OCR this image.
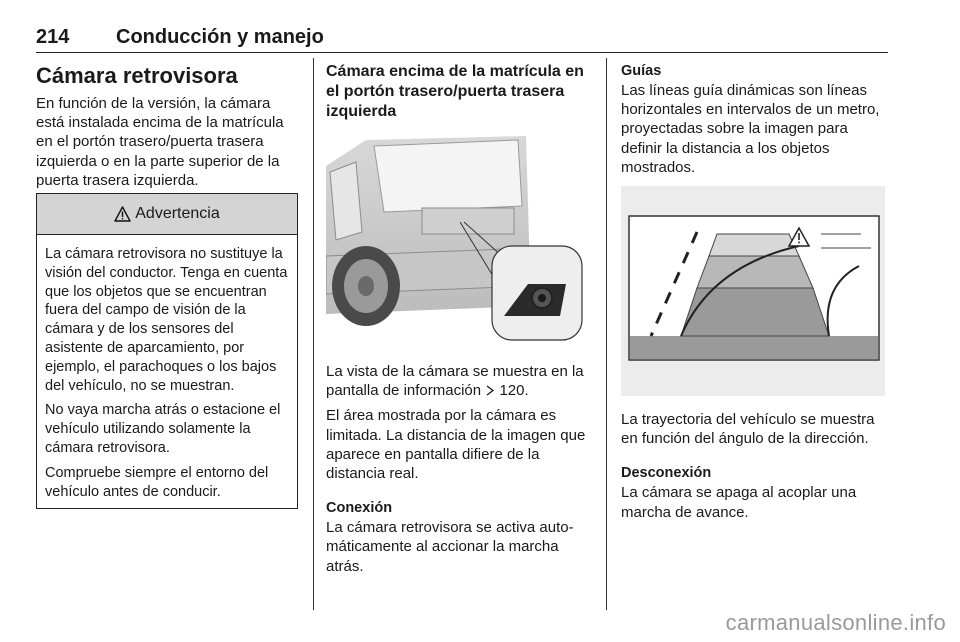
214 Conducción y manejo
Cámara retrovisora

En función de la versión, la cámara está instalada encima de la matrícula en el portón trasero/puerta trasera izquierda o en la parte superior de la puerta trasera izquierda.

Advertencia

La cámara retrovisora no sustituye la visión del conductor. Tenga en cuenta que los objetos que se encuentran fuera del campo de visión de la cámara y de los sensores del asistente de aparcamiento, por ejemplo, el parachoques o los bajos del vehículo, no se muestran.

No vaya marcha atrás o estacione el vehículo utilizando solamente la cámara retrovisora.

Compruebe siempre el entorno del vehículo antes de conducir.

Cámara encima de la matrícula en el portón trasero/puerta trasera izquierda

La vista de la cámara se muestra en la pantalla de información 120.

El área mostrada por la cámara es limitada. La distancia de la imagen que aparece en pantalla difiere de la distancia real.

Conexión

La cámara retrovisora se activa automáticamente al accionar la marcha atrás.

Guías

Las líneas guía dinámicas son líneas horizontales en intervalos de un metro, proyectadas sobre la imagen para definir la distancia a los objetos mostrados.

La trayectoria del vehículo se muestra en función del ángulo de la dirección.

Desconexión

La cámara se apaga al acoplar una marcha de avance.

carmanualsonline.info
